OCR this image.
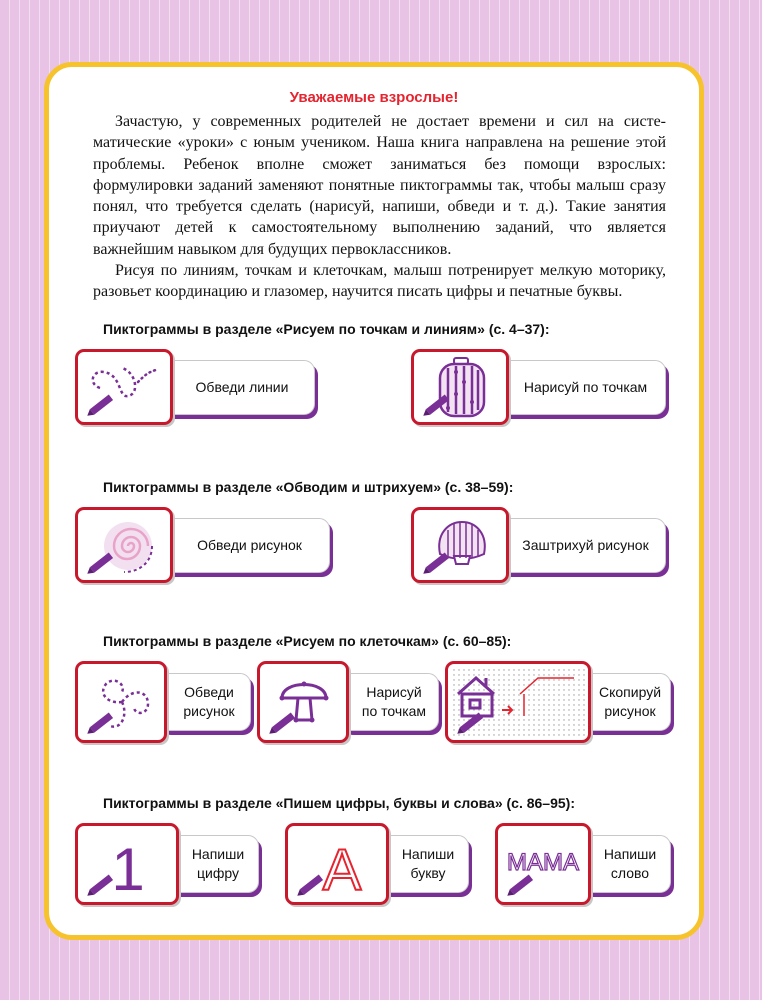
Уважаемые взрослые!

Зачастую, у современных родителей не достает времени и сил на систематические «уроки» с юным учеником. Наша книга направлена на решение этой проблемы. Ребенок вполне сможет заниматься без помощи взрослых: формулировки заданий заменяют понятные пиктограммы так, чтобы малыш сразу понял, что требуется сделать (нарисуй, напиши, обведи и т. д.). Такие занятия приучают детей к самостоятельному выполнению заданий, что является важнейшим навыком для будущих первоклассников.

Рисуя по линиям, точкам и клеточкам, малыш потренирует мелкую моторику, разовьет координацию и глазомер, научится писать цифры и печатные буквы.

Пиктограммы в разделе «Рисуем по точкам и линиям» (с. 4–37):
Обведи линии	Нарисуй по точкам
Пиктограммы в разделе «Обводим и штрихуем» (с. 38–59):
Обведи рисунок	Заштрихуй рисунок
Пиктограммы в разделе «Рисуем по клеточкам» (с. 60–85):
Обведи
рисунок
Нарисуй
по точкам
Скопируй
рисунок
Пиктограммы в разделе «Пишем цифры, буквы и слова» (с. 86–95):
Напиши
цифру
1	Напиши
букву
А	Напиши
слово
МАМА
